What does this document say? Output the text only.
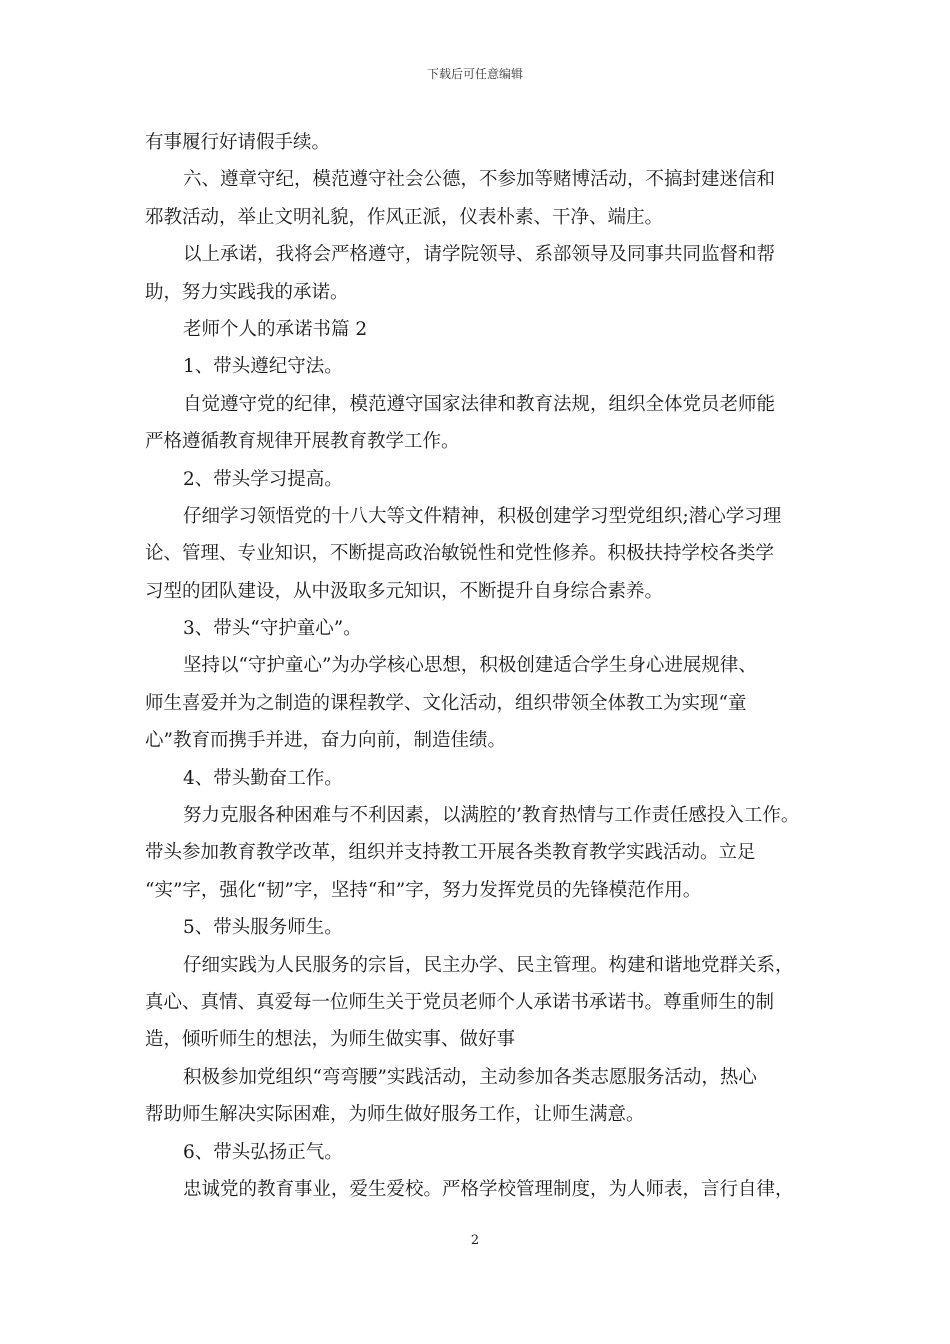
下载后可任意编辑
有事履行好请假手续。
六、遵章守纪，模范遵守社会公德，不参加等赌博活动，不搞封建迷信和
邪教活动，举止文明礼貌，作风正派，仪表朴素、干净、端庄。
以上承诺，我将会严格遵守，请学院领导、系部领导及同事共同监督和帮
助，努力实践我的承诺。
老师个人的承诺书篇 2
1、带头遵纪守法。
自觉遵守党的纪律，模范遵守国家法律和教育法规，组织全体党员老师能
严格遵循教育规律开展教育教学工作。
2、带头学习提高。
仔细学习领悟党的十八大等文件精神，积极创建学习型党组织;潜心学习理
论、管理、专业知识，不断提高政治敏锐性和党性修养。积极扶持学校各类学
习型的团队建设，从中汲取多元知识，不断提升自身综合素养。
3、带头“守护童心”。
坚持以“守护童心”为办学核心思想，积极创建适合学生身心进展规律、
师生喜爱并为之制造的课程教学、文化活动，组织带领全体教工为实现“童
心”教育而携手并进，奋力向前，制造佳绩。
4、带头勤奋工作。
努力克服各种困难与不利因素，以满腔的’教育热情与工作责任感投入工作。
带头参加教育教学改革，组织并支持教工开展各类教育教学实践活动。立足
“实”字，强化“韧”字，坚持“和”字，努力发挥党员的先锋模范作用。
5、带头服务师生。
仔细实践为人民服务的宗旨，民主办学、民主管理。构建和谐地党群关系，
真心、真情、真爱每一位师生关于党员老师个人承诺书承诺书。尊重师生的制
造，倾听师生的想法，为师生做实事、做好事
积极参加党组织“弯弯腰”实践活动，主动参加各类志愿服务活动，热心
帮助师生解决实际困难，为师生做好服务工作，让师生满意。
6、带头弘扬正气。
忠诚党的教育事业，爱生爱校。严格学校管理制度，为人师表，言行自律，
2
